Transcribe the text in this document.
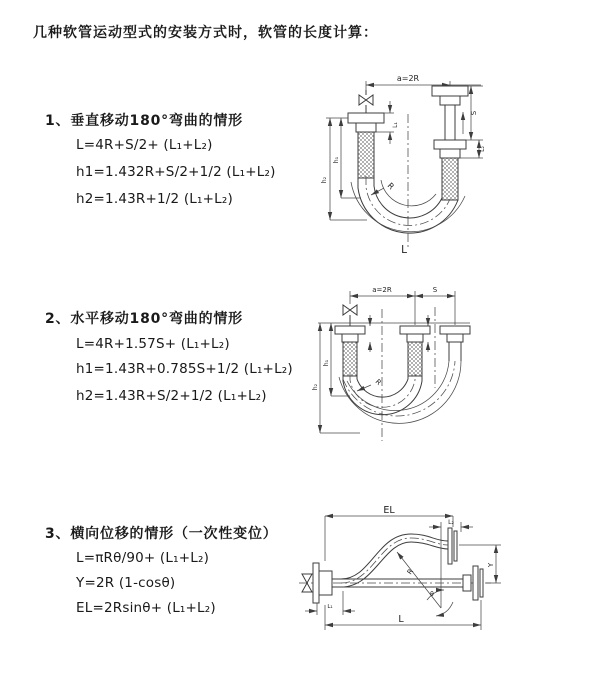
几种软管运动型式的安装方式时，软管的长度计算：
1、垂直移动180°弯曲的情形
L=4R+S/2+ (L₁+L₂)
h1=1.432R+S/2+1/2 (L₁+L₂)
h2=1.43R+1/2 (L₁+L₂)
2、水平移动180°弯曲的情形
L=4R+1.57S+ (L₁+L₂)
h1=1.43R+0.785S+1/2 (L₁+L₂)
h2=1.43R+S/2+1/2 (L₁+L₂)
3、横向位移的情形（一次性变位）
L=πRθ/90+ (L₁+L₂)
Y=2R (1-cosθ)
EL=2Rsinθ+ (L₁+L₂)
a=2R
L₁
S
L₂
R
h₁
h₂
L
a=2R	S
R
h₁
h₂
EL
L₂
R
θ
Y
L₁
L
